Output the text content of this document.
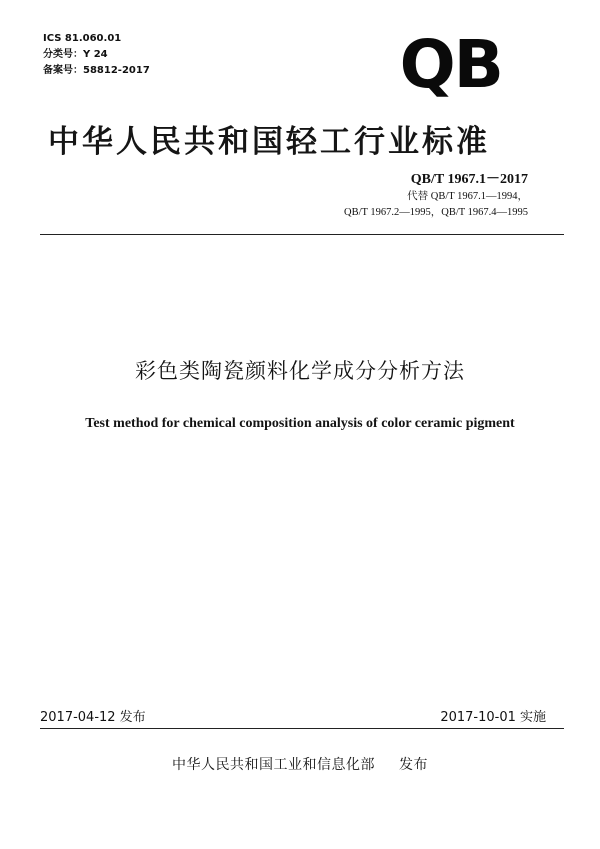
ICS 81.060.01
分类号：Y 24
备案号：58812-2017	QB
中华人民共和国轻工行业标准
QB/T 1967.1－2017
代替 QB/T 1967.1—1994，
QB/T 1967.2—1995，QB/T 1967.4—1995
彩色类陶瓷颜料化学成分分析方法
Test method for chemical composition analysis of color ceramic pigment
2017-04-12 发布	2017-10-01 实施
中华人民共和国工业和信息化部 发布
